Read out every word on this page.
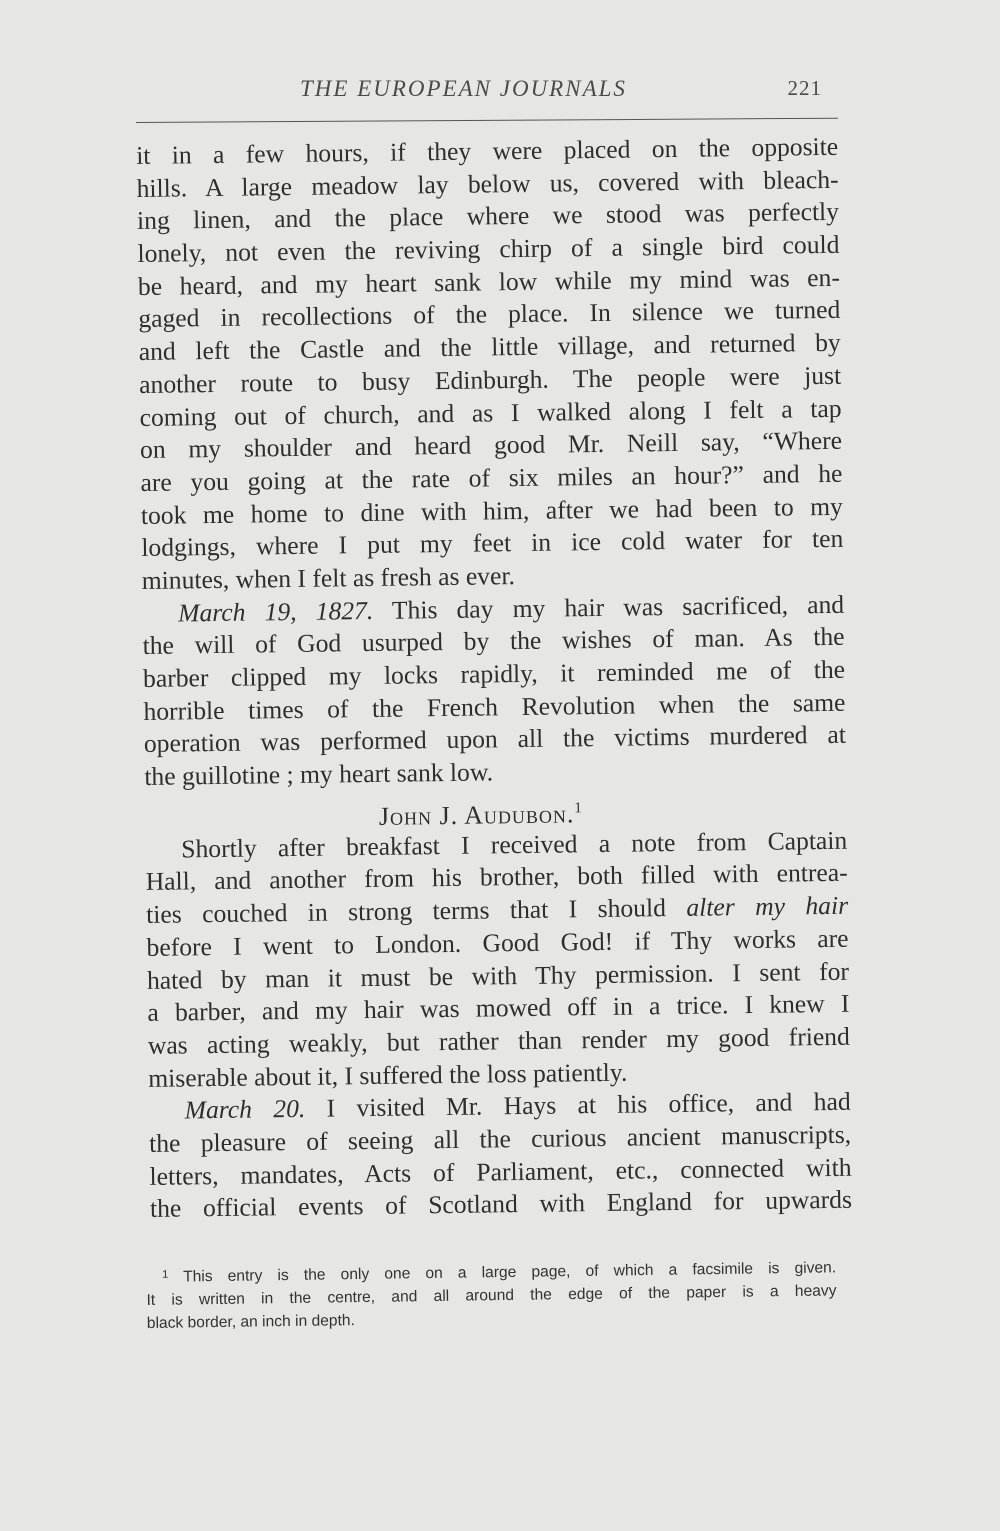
THE EUROPEAN JOURNALS	221
it in a few hours, if they were placed on the opposite
hills. A large meadow lay below us, covered with bleach-
ing linen, and the place where we stood was perfectly
lonely, not even the reviving chirp of a single bird could
be heard, and my heart sank low while my mind was en-
gaged in recollections of the place. In silence we turned
and left the Castle and the little village, and returned by
another route to busy Edinburgh. The people were just
coming out of church, and as I walked along I felt a tap
on my shoulder and heard good Mr. Neill say, “Where
are you going at the rate of six miles an hour?” and he
took me home to dine with him, after we had been to my
lodgings, where I put my feet in ice cold water for ten
minutes, when I felt as fresh as ever.
March 19, 1827. This day my hair was sacrificed, and
the will of God usurped by the wishes of man. As the
barber clipped my locks rapidly, it reminded me of the
horrible times of the French Revolution when the same
operation was performed upon all the victims murdered at
the guillotine ; my heart sank low.
John J. Audubon.$^1$
Shortly after breakfast I received a note from Captain
Hall, and another from his brother, both filled with entrea-
ties couched in strong terms that I should alter my hair
before I went to London. Good God! if Thy works are
hated by man it must be with Thy permission. I sent for
a barber, and my hair was mowed off in a trice. I knew I
was acting weakly, but rather than render my good friend
miserable about it, I suffered the loss patiently.
March 20. I visited Mr. Hays at his office, and had
the pleasure of seeing all the curious ancient manuscripts,
letters, mandates, Acts of Parliament, etc., connected with
the official events of Scotland with England for upwards
$^1$ This entry is the only one on a large page, of which a facsimile is given.
It is written in the centre, and all around the edge of the paper is a heavy
black border, an inch in depth.
